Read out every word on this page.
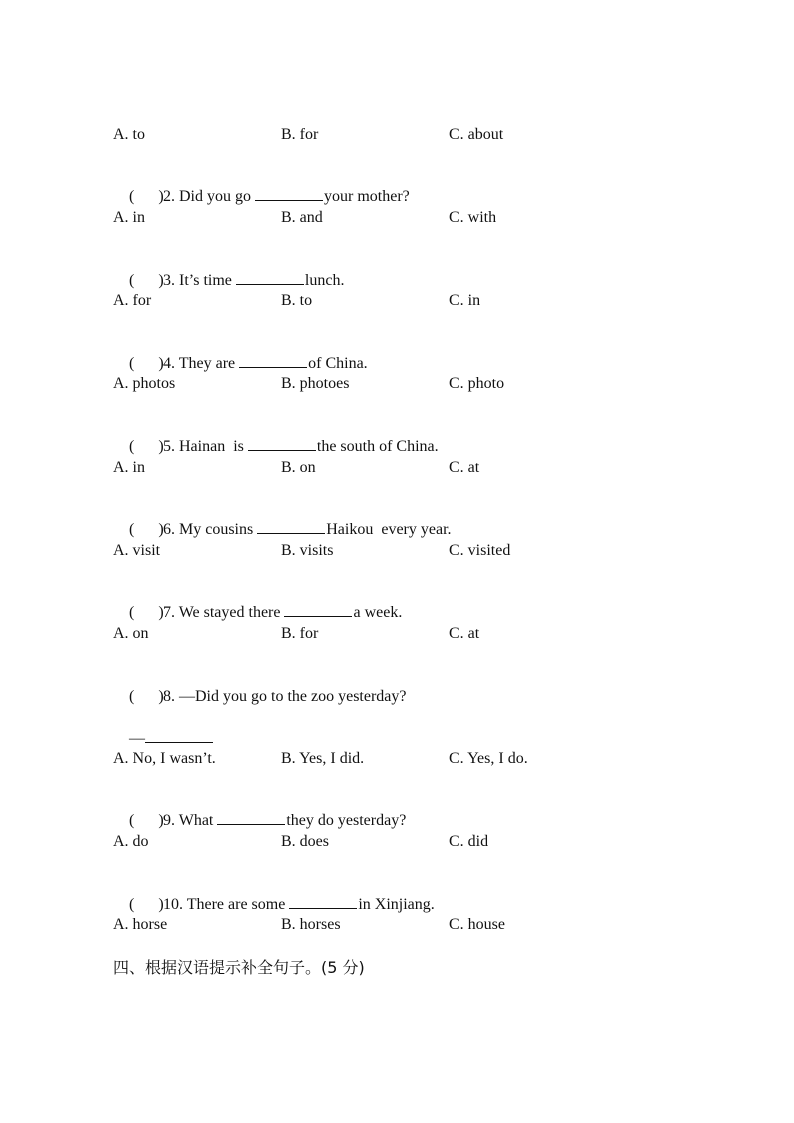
A. to	B. for	C. about

(      )2. Did you go	your mother?

A. in	B. and	C. with

(      )3. It’s time	lunch.

A. for	B. to	C. in

(      )4. They are	of China.

A. photos	B. photoes	C. photo

(      )5. Hainan  is	the south of China.

A. in	B. on	C. at

(      )6. My cousins	Haikou  every year.

A. visit	B. visits	C. visited

(      )7. We stayed there	a week.

A. on	B. for	C. at

(      )8. —Did you go to the zoo yesterday?

—

A. No, I wasn’t.	B. Yes, I did.	C. Yes, I do.

(      )9. What	they do yesterday?

A. do	B. does	C. did

(      )10. There are some	in Xinjiang.

A. horse	B. horses	C. house
四、根据汉语提示补全句子。(5 分)
